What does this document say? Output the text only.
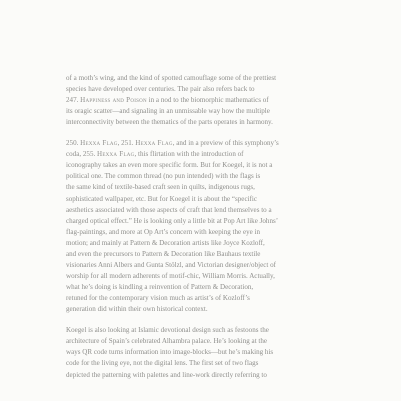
of a moth’s wing, and the kind of spotted camouflage some of the prettiest
species have developed over centuries. The pair also refers back to
247. Happiness and Poison in a nod to the biomorphic mathematics of
its oragic scatter—and signaling in an unmissable way how the multiple
interconnectivity between the thematics of the parts operates in harmony.

250. Hexxa Flag, 251. Hexxa Flag, and in a preview of this symphony’s
coda, 255. Hexxa Flag, this flirtation with the introduction of
iconography takes an even more specific form. But for Koegel, it is not a
political one. The common thread (no pun intended) with the flags is
the same kind of textile-based craft seen in quilts, indigenous rugs,
sophisticated wallpaper, etc. But for Koegel it is about the “specific
aesthetics associated with those aspects of craft that lend themselves to a
charged optical effect.” He is looking only a little bit at Pop Art like Johns’
flag-paintings, and more at Op Art’s concern with keeping the eye in
motion; and mainly at Pattern & Decoration artists like Joyce Kozloff,
and even the precursors to Pattern & Decoration like Bauhaus textile
visionaries Anni Albers and Gunta Stölzl, and Victorian designer/object of
worship for all modern adherents of motif-chic, William Morris. Actually,
what he’s doing is kindling a reinvention of Pattern & Decoration,
retuned for the contemporary vision much as artist’s of Kozloff’s
generation did within their own historical context.

Koegel is also looking at Islamic devotional design such as festoons the
architecture of Spain’s celebrated Alhambra palace. He’s looking at the
ways QR code turns information into image-blocks—but he’s making his
code for the living eye, not the digital lens. The first set of two flags
depicted the patterning with palettes and line-work directly referring to
